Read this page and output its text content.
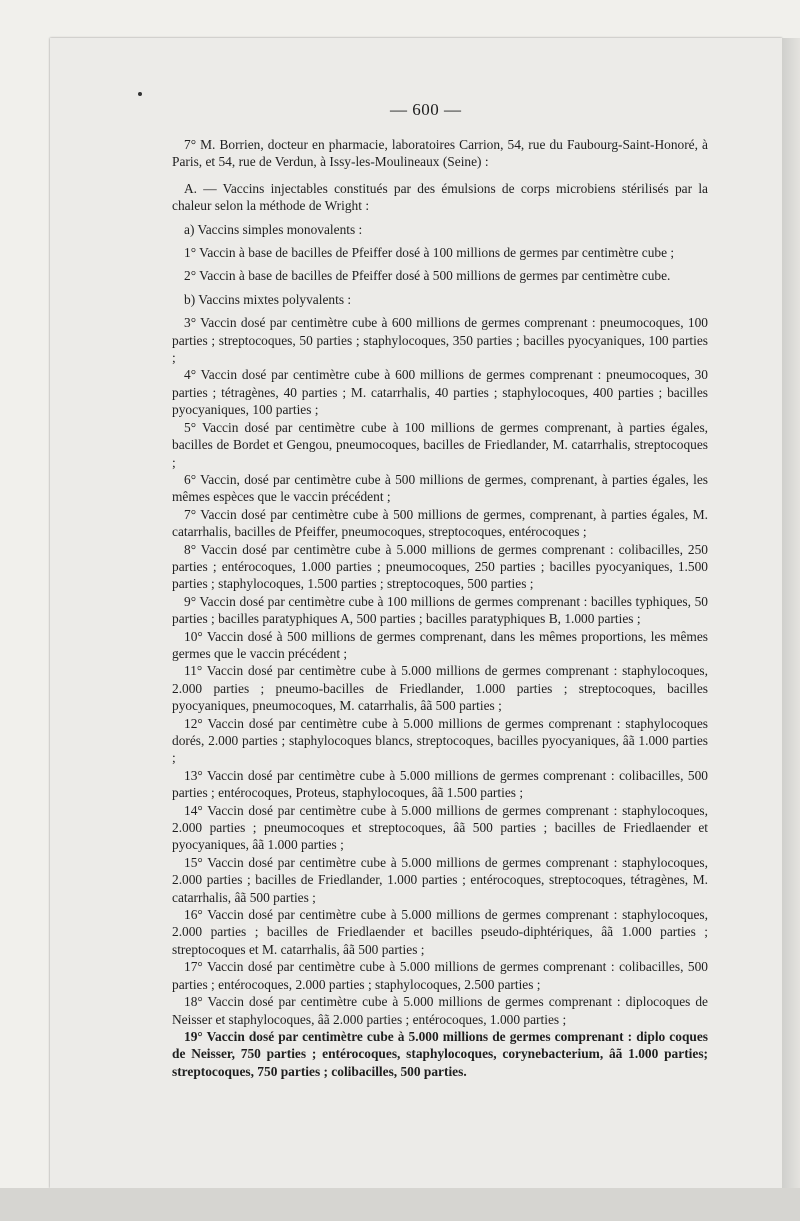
— 600 —

7° M. Borrien, docteur en pharmacie, laboratoires Carrion, 54, rue du Faubourg-Saint-Honoré, à Paris, et 54, rue de Verdun, à Issy-les-Moulineaux (Seine) :

A. — Vaccins injectables constitués par des émulsions de corps microbiens stérilisés par la chaleur selon la méthode de Wright :

a) Vaccins simples monovalents :

1° Vaccin à base de bacilles de Pfeiffer dosé à 100 millions de germes par centimètre cube ;

2° Vaccin à base de bacilles de Pfeiffer dosé à 500 millions de germes par centimètre cube.

b) Vaccins mixtes polyvalents :

3° Vaccin dosé par centimètre cube à 600 millions de germes comprenant : pneumocoques, 100 parties ; streptocoques, 50 parties ; staphylocoques, 350 parties ; bacilles pyocyaniques, 100 parties ;

4° Vaccin dosé par centimètre cube à 600 millions de germes comprenant : pneumocoques, 30 parties ; tétragènes, 40 parties ; M. catarrhalis, 40 parties ; staphylocoques, 400 parties ; bacilles pyocyaniques, 100 parties ;

5° Vaccin dosé par centimètre cube à 100 millions de germes comprenant, à parties égales, bacilles de Bordet et Gengou, pneumocoques, bacilles de Friedlander, M. catarrhalis, streptocoques ;

6° Vaccin, dosé par centimètre cube à 500 millions de germes, comprenant, à parties égales, les mêmes espèces que le vaccin précédent ;

7° Vaccin dosé par centimètre cube à 500 millions de germes, comprenant, à parties égales, M. catarrhalis, bacilles de Pfeiffer, pneumocoques, streptocoques, entérocoques ;

8° Vaccin dosé par centimètre cube à 5.000 millions de germes comprenant : colibacilles, 250 parties ; entérocoques, 1.000 parties ; pneumocoques, 250 parties ; bacilles pyocyaniques, 1.500 parties ; staphylocoques, 1.500 parties ; streptocoques, 500 parties ;

9° Vaccin dosé par centimètre cube à 100 millions de germes comprenant : bacilles typhiques, 50 parties ; bacilles paratyphiques A, 500 parties ; bacilles paratyphiques B, 1.000 parties ;

10° Vaccin dosé à 500 millions de germes comprenant, dans les mêmes proportions, les mêmes germes que le vaccin précédent ;

11° Vaccin dosé par centimètre cube à 5.000 millions de germes comprenant : staphylocoques, 2.000 parties ; pneumo-bacilles de Friedlander, 1.000 parties ; streptocoques, bacilles pyocyaniques, pneumocoques, M. catarrhalis, âã 500 parties ;

12° Vaccin dosé par centimètre cube à 5.000 millions de germes comprenant : staphylocoques dorés, 2.000 parties ; staphylocoques blancs, streptocoques, bacilles pyocyaniques, âã 1.000 parties ;

13° Vaccin dosé par centimètre cube à 5.000 millions de germes comprenant : colibacilles, 500 parties ; entérocoques, Proteus, staphylocoques, âã 1.500 parties ;

14° Vaccin dosé par centimètre cube à 5.000 millions de germes comprenant : staphylocoques, 2.000 parties ; pneumocoques et streptocoques, âã 500 parties ; bacilles de Friedlaender et pyocyaniques, âã 1.000 parties ;

15° Vaccin dosé par centimètre cube à 5.000 millions de germes comprenant : staphylocoques, 2.000 parties ; bacilles de Friedlander, 1.000 parties ; entérocoques, streptocoques, tétragènes, M. catarrhalis, âã 500 parties ;

16° Vaccin dosé par centimètre cube à 5.000 millions de germes comprenant : staphylocoques, 2.000 parties ; bacilles de Friedlaender et bacilles pseudo-diphtériques, âã 1.000 parties ; streptocoques et M. catarrhalis, âã 500 parties ;

17° Vaccin dosé par centimètre cube à 5.000 millions de germes comprenant : colibacilles, 500 parties ; entérocoques, 2.000 parties ; staphylocoques, 2.500 parties ;

18° Vaccin dosé par centimètre cube à 5.000 millions de germes comprenant : diplocoques de Neisser et staphylocoques, âã 2.000 parties ; entérocoques, 1.000 parties ;

19° Vaccin dosé par centimètre cube à 5.000 millions de germes comprenant : diplo coques de Neisser, 750 parties ; entérocoques, staphylocoques, corynebacterium, âã 1.000 parties; streptocoques, 750 parties ; colibacilles, 500 parties.
